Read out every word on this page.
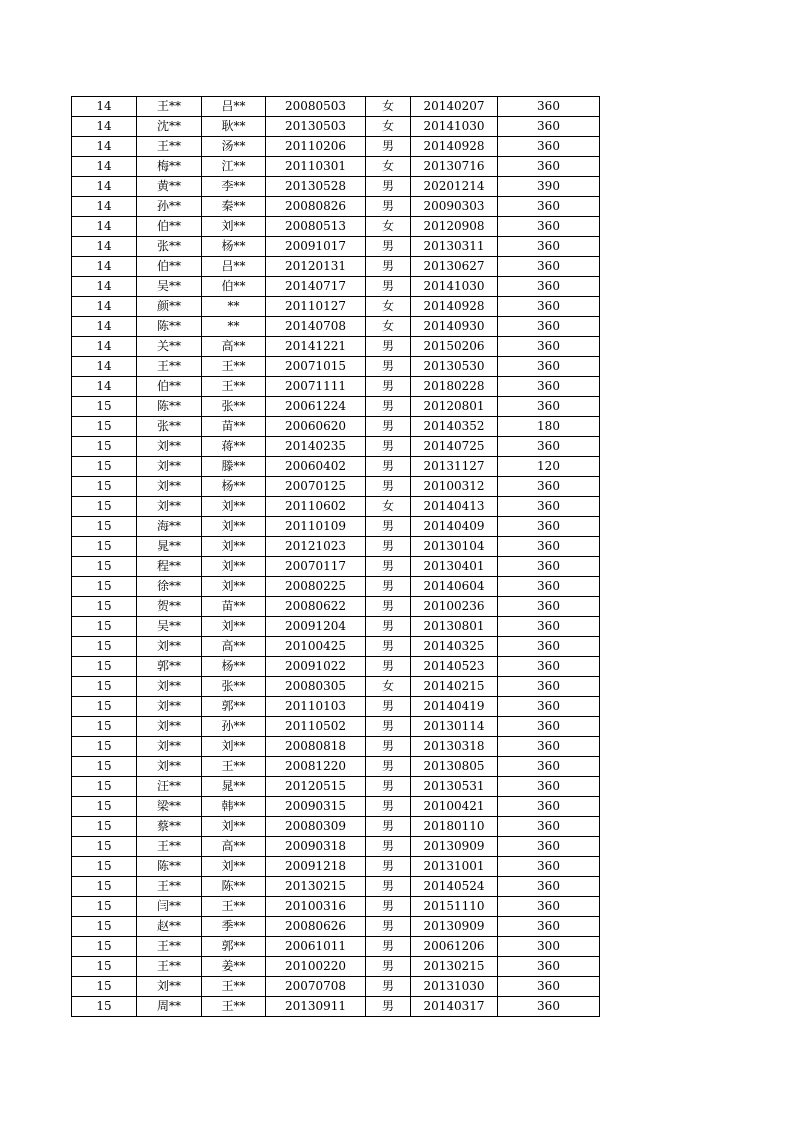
14	王**	吕**	20080503	女	20140207	360
14	沈**	耿**	20130503	女	20141030	360
14	王**	汤**	20110206	男	20140928	360
14	梅**	江**	20110301	女	20130716	360
14	黄**	李**	20130528	男	20201214	390
14	孙**	秦**	20080826	男	20090303	360
14	伯**	刘**	20080513	女	20120908	360
14	张**	杨**	20091017	男	20130311	360
14	伯**	吕**	20120131	男	20130627	360
14	吴**	伯**	20140717	男	20141030	360
14	颜**	**	20110127	女	20140928	360
14	陈**	**	20140708	女	20140930	360
14	关**	高**	20141221	男	20150206	360
14	王**	王**	20071015	男	20130530	360
14	伯**	王**	20071111	男	20180228	360
15	陈**	张**	20061224	男	20120801	360
15	张**	苗**	20060620	男	20140352	180
15	刘**	蒋**	20140235	男	20140725	360
15	刘**	滕**	20060402	男	20131127	120
15	刘**	杨**	20070125	男	20100312	360
15	刘**	刘**	20110602	女	20140413	360
15	海**	刘**	20110109	男	20140409	360
15	晁**	刘**	20121023	男	20130104	360
15	程**	刘**	20070117	男	20130401	360
15	徐**	刘**	20080225	男	20140604	360
15	贺**	苗**	20080622	男	20100236	360
15	吴**	刘**	20091204	男	20130801	360
15	刘**	高**	20100425	男	20140325	360
15	郭**	杨**	20091022	男	20140523	360
15	刘**	张**	20080305	女	20140215	360
15	刘**	郭**	20110103	男	20140419	360
15	刘**	孙**	20110502	男	20130114	360
15	刘**	刘**	20080818	男	20130318	360
15	刘**	王**	20081220	男	20130805	360
15	汪**	晁**	20120515	男	20130531	360
15	梁**	韩**	20090315	男	20100421	360
15	蔡**	刘**	20080309	男	20180110	360
15	王**	高**	20090318	男	20130909	360
15	陈**	刘**	20091218	男	20131001	360
15	王**	陈**	20130215	男	20140524	360
15	闫**	王**	20100316	男	20151110	360
15	赵**	季**	20080626	男	20130909	360
15	王**	郭**	20061011	男	20061206	300
15	王**	姜**	20100220	男	20130215	360
15	刘**	王**	20070708	男	20131030	360
15	周**	王**	20130911	男	20140317	360
